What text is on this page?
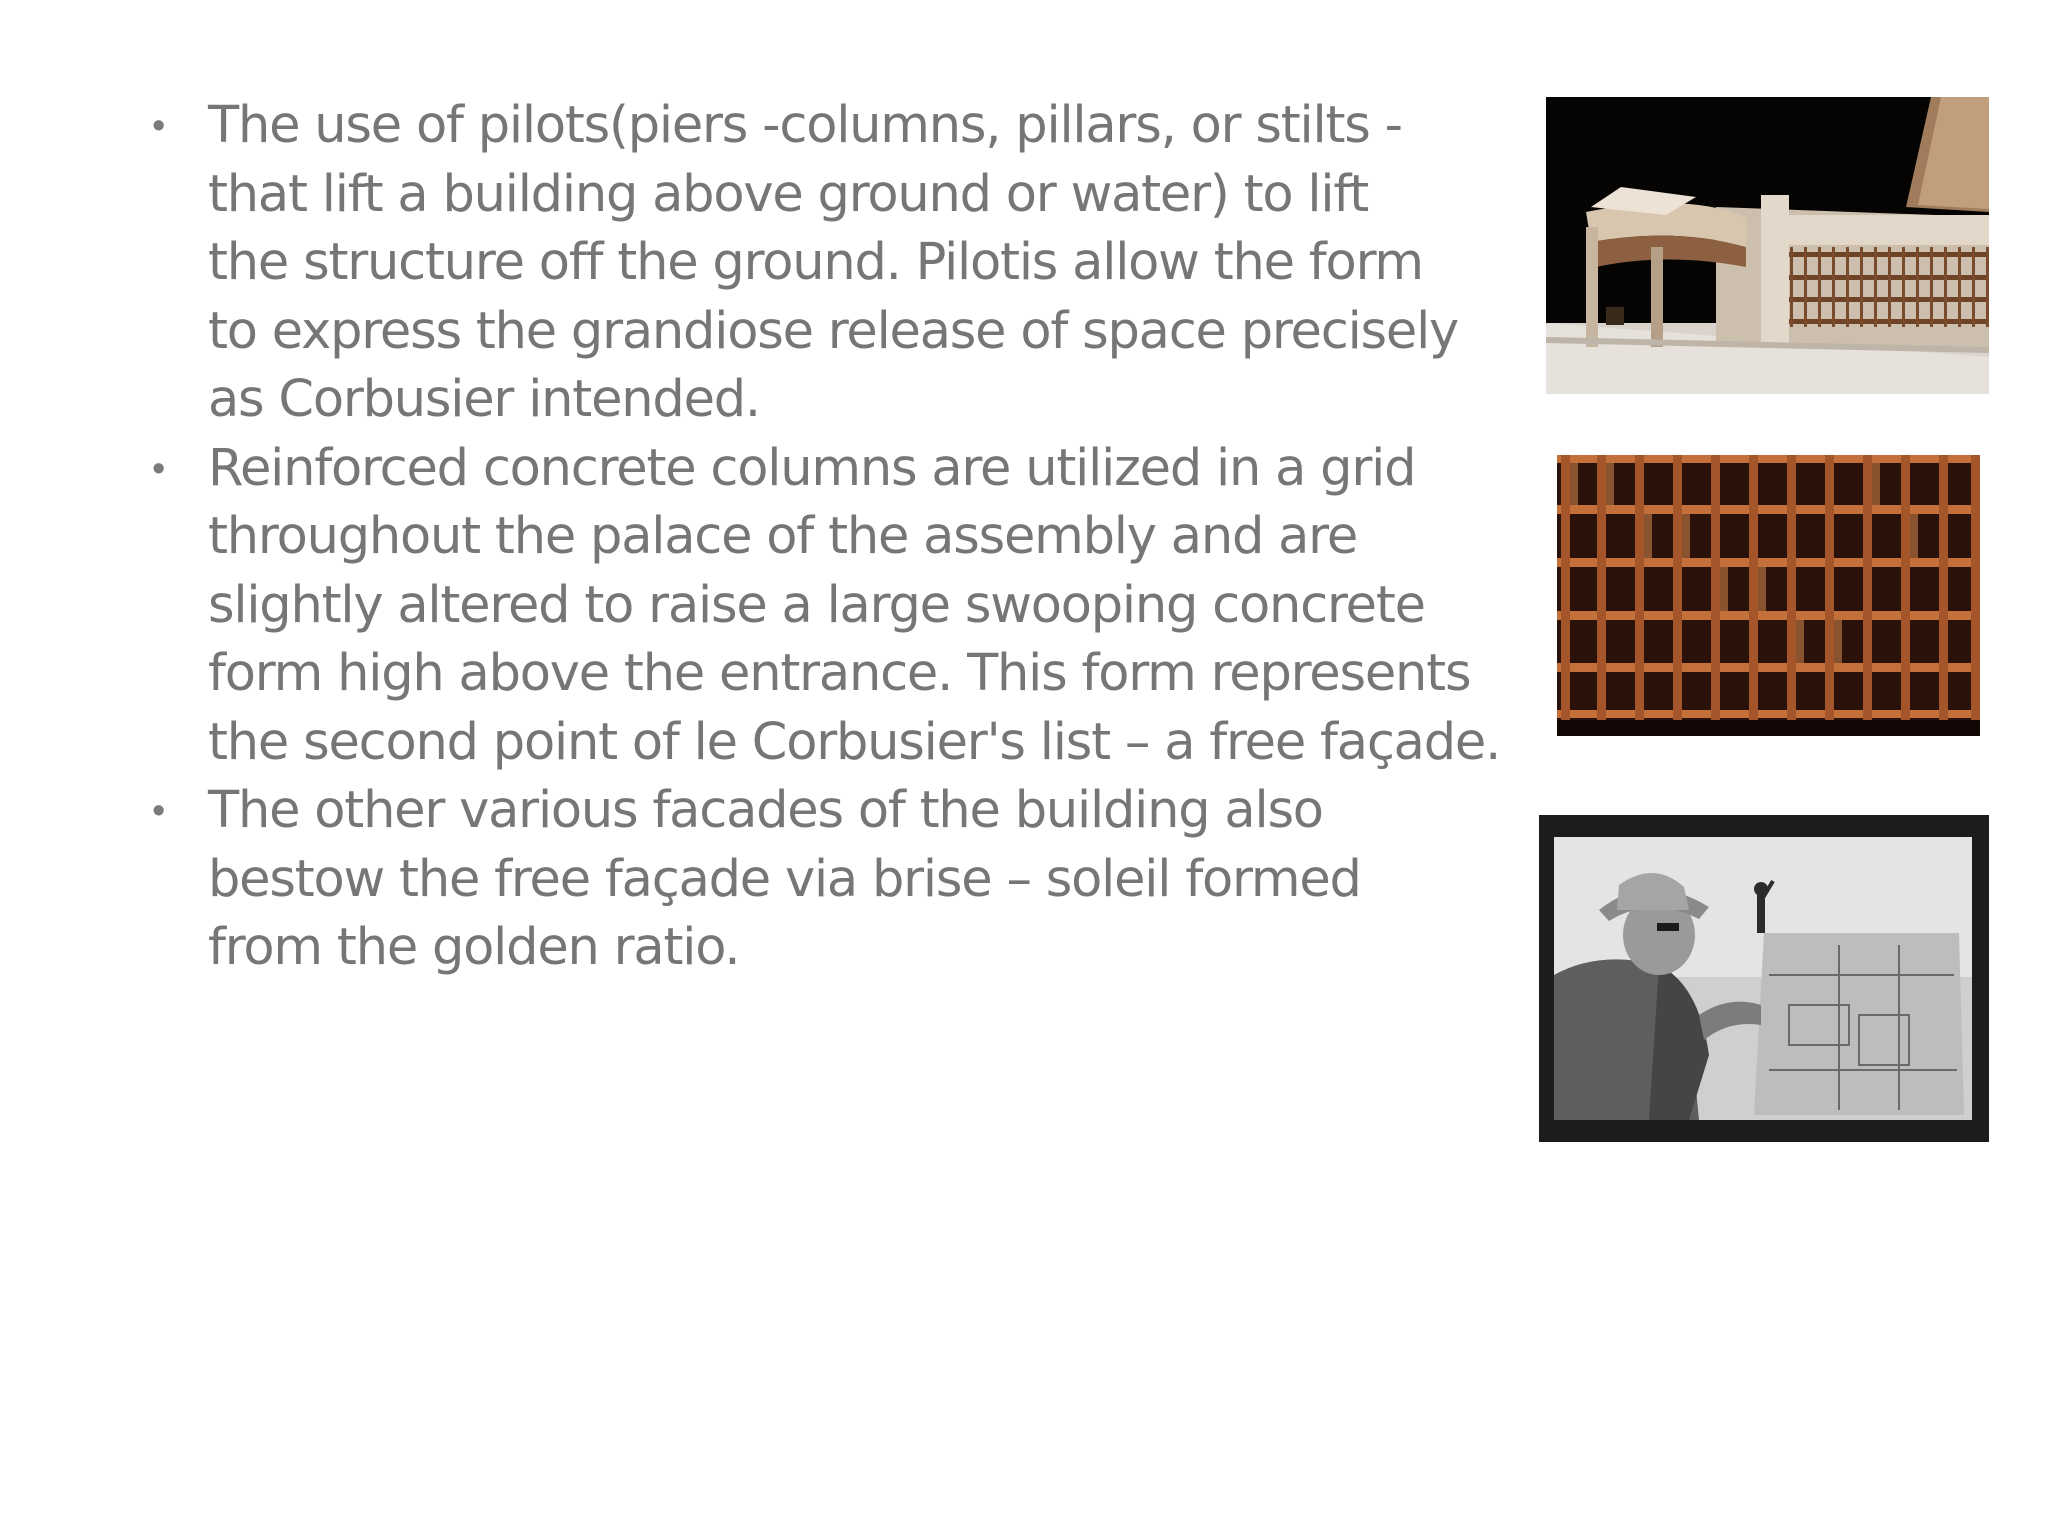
• The use of pilots(piers -columns, pillars, or stilts -
that lift a building above ground or water) to lift
the structure off the ground. Pilotis allow the form
to express the grandiose release of space precisely
as Corbusier intended.
• Reinforced concrete columns are utilized in a grid
throughout the palace of the assembly and are
slightly altered to raise a large swooping concrete
form high above the entrance. This form represents
the second point of le Corbusier's list – a free façade.
• The other various facades of the building also
bestow the free façade via brise – soleil formed
from the golden ratio.
